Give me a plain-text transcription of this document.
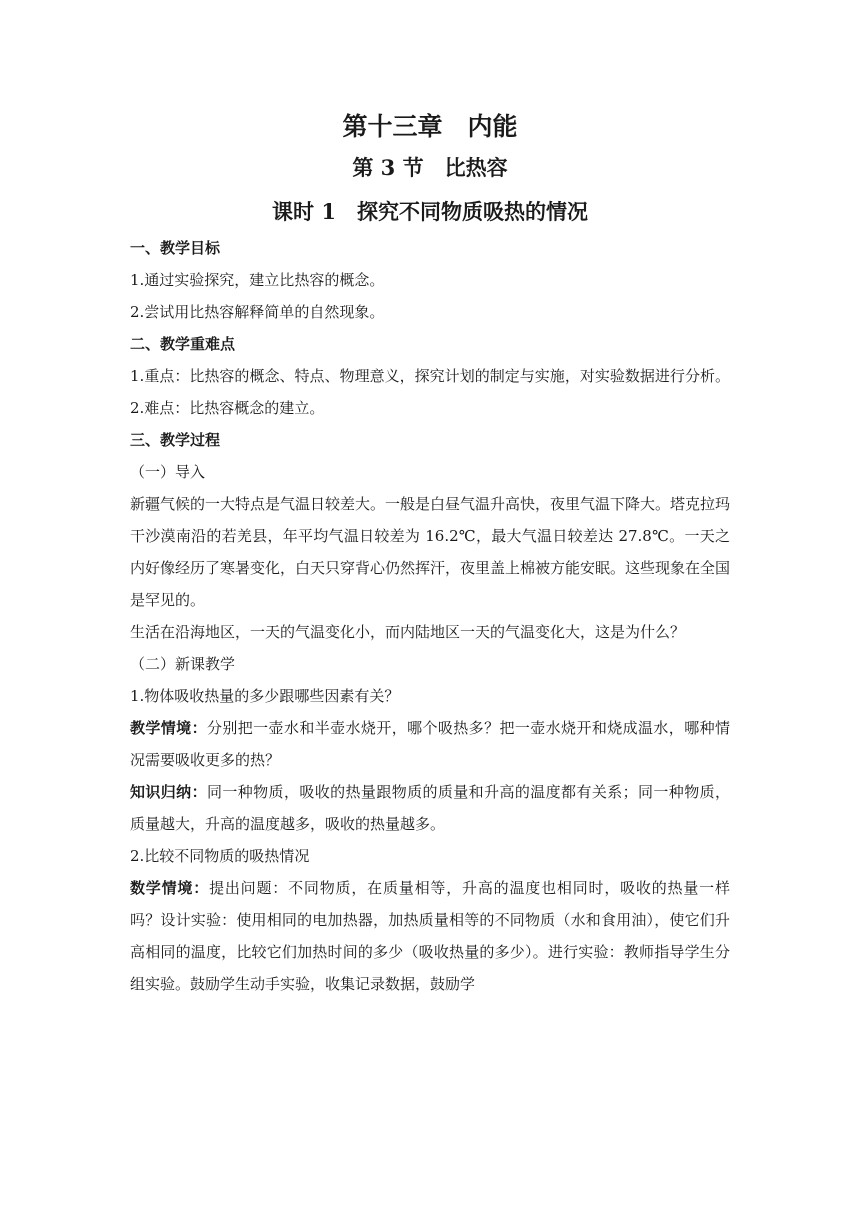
第十三章　内能
第 3 节　比热容
课时 1　探究不同物质吸热的情况

一、教学目标

1.通过实验探究，建立比热容的概念。

2.尝试用比热容解释简单的自然现象。

二、教学重难点

1.重点：比热容的概念、特点、物理意义，探究计划的制定与实施，对实验数据进行分析。2.难点：比热容概念的建立。

三、教学过程

（一）导入

新疆气候的一大特点是气温日较差大。一般是白昼气温升高快，夜里气温下降大。塔克拉玛干沙漠南沿的若羌县，年平均气温日较差为 16.2℃，最大气温日较差达 27.8℃。一天之内好像经历了寒暑变化，白天只穿背心仍然挥汗，夜里盖上棉被方能安眠。这些现象在全国是罕见的。

生活在沿海地区，一天的气温变化小，而内陆地区一天的气温变化大，这是为什么？

（二）新课教学

1.物体吸收热量的多少跟哪些因素有关？

教学情境：分别把一壶水和半壶水烧开，哪个吸热多？把一壶水烧开和烧成温水，哪种情况需要吸收更多的热？

知识归纳：同一种物质，吸收的热量跟物质的质量和升高的温度都有关系；同一种物质，质量越大，升高的温度越多，吸收的热量越多。

2.比较不同物质的吸热情况

数学情境：提出问题：不同物质，在质量相等，升高的温度也相同时，吸收的热量一样吗？设计实验：使用相同的电加热器，加热质量相等的不同物质（水和食用油），使它们升高相同的温度，比较它们加热时间的多少（吸收热量的多少）。进行实验：教师指导学生分组实验。鼓励学生动手实验，收集记录数据，鼓励学
